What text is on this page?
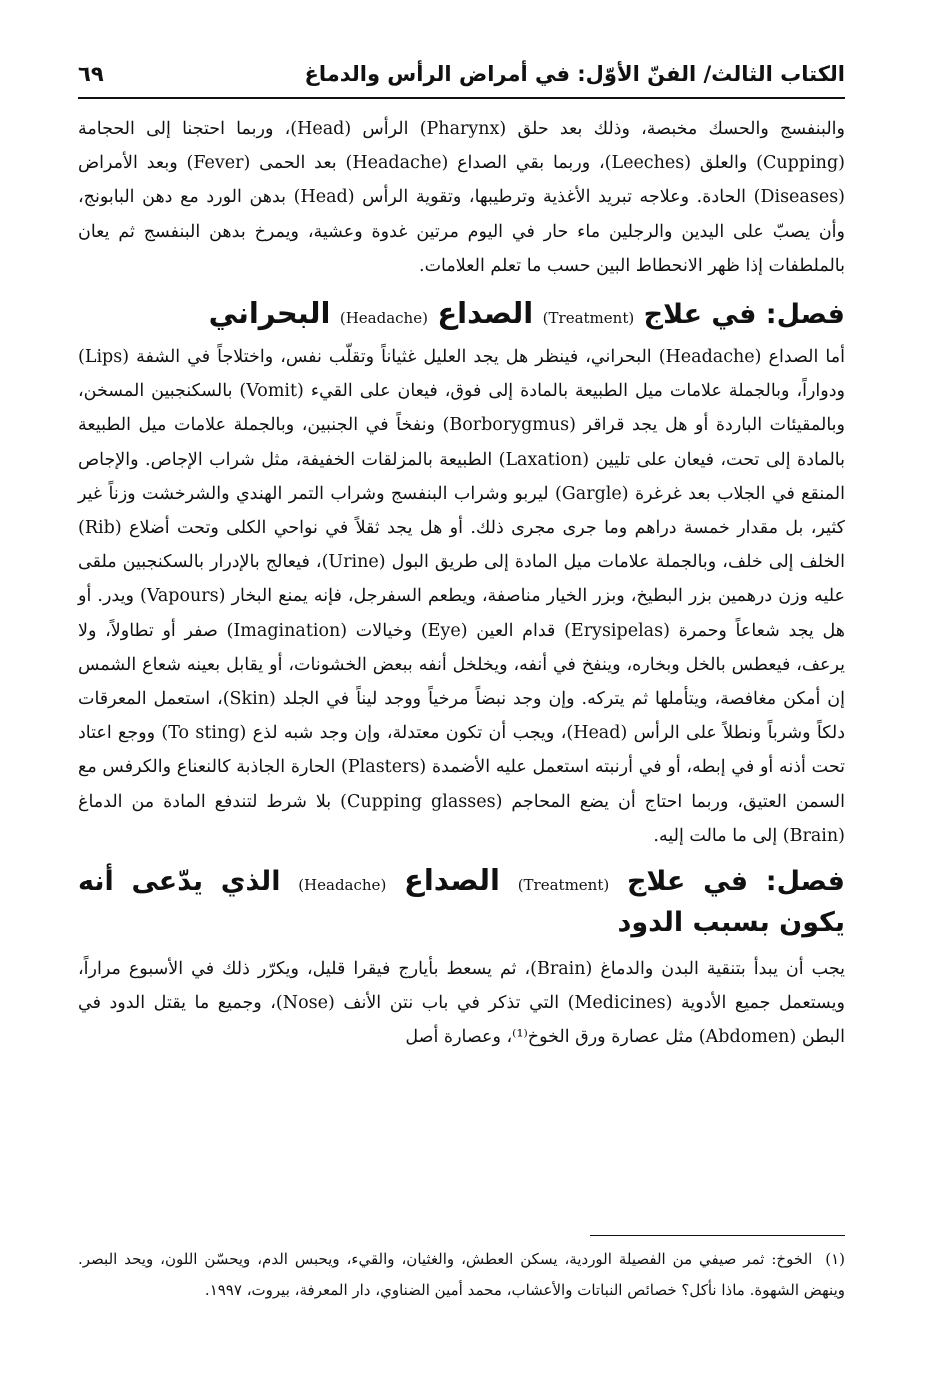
٦٩	الكتاب الثالث/ الفنّ الأوّل: في أمراض الرأس والدماغ

والبنفسج والحسك مخبصة، وذلك بعد حلق (Pharynx) الرأس (Head)، وربما احتجنا إلى الحجامة (Cupping) والعلق (Leeches)، وربما بقي الصداع (Headache) بعد الحمى (Fever) وبعد الأمراض (Diseases) الحادة. وعلاجه تبريد الأغذية وترطيبها، وتقوية الرأس (Head) بدهن الورد مع دهن البابونج، وأن يصبّ على اليدين والرجلين ماء حار في اليوم مرتين غدوة وعشية، ويمرخ بدهن البنفسج ثم يعان بالملطفات إذا ظهر الانحطاط البين حسب ما تعلم العلامات.

فصل: في علاج (Treatment) الصداع (Headache) البحراني

أما الصداع (Headache) البحراني، فينظر هل يجد العليل غثياناً وتقلّب نفس، واختلاجاً في الشفة (Lips) ودواراً، وبالجملة علامات ميل الطبيعة بالمادة إلى فوق، فيعان على القيء (Vomit) بالسكنجبين المسخن، وبالمقيئات الباردة أو هل يجد قراقر (Borborygmus) ونفخاً في الجنبين، وبالجملة علامات ميل الطبيعة بالمادة إلى تحت، فيعان على تليين (Laxation) الطبيعة بالمزلقات الخفيفة، مثل شراب الإجاص. والإجاص المنقع في الجلاب بعد غرغرة (Gargle) ليربو وشراب البنفسج وشراب التمر الهندي والشرخشت وزناً غير كثير، بل مقدار خمسة دراهم وما جرى مجرى ذلك. أو هل يجد ثقلاً في نواحي الكلى وتحت أضلاع (Rib) الخلف إلى خلف، وبالجملة علامات ميل المادة إلى طريق البول (Urine)، فيعالج بالإدرار بالسكنجبين ملقى عليه وزن درهمين بزر البطيخ، وبزر الخيار مناصفة، ويطعم السفرجل، فإنه يمنع البخار (Vapours) ويدر. أو هل يجد شعاعاً وحمرة (Erysipelas) قدام العين (Eye) وخيالات (Imagination) صفر أو تطاولاً، ولا يرعف، فيعطس بالخل وبخاره، وينفخ في أنفه، ويخلخل أنفه ببعض الخشونات، أو يقابل بعينه شعاع الشمس إن أمكن مغافصة، ويتأملها ثم يتركه. وإن وجد نبضاً مرخياً ووجد ليناً في الجلد (Skin)، استعمل المعرقات دلكاً وشرباً ونطلاً على الرأس (Head)، ويجب أن تكون معتدلة، وإن وجد شبه لذع (To sting) ووجع اعتاد تحت أذنه أو في إبطه، أو في أرنبته استعمل عليه الأضمدة (Plasters) الحارة الجاذبة كالنعناع والكرفس مع السمن العتيق، وربما احتاج أن يضع المحاجم (Cupping glasses) بلا شرط لتندفع المادة من الدماغ (Brain) إلى ما مالت إليه.

فصل: في علاج (Treatment) الصداع (Headache) الذي يدّعى أنه يكون بسبب الدود

يجب أن يبدأ بتنقية البدن والدماغ (Brain)، ثم يسعط بأيارج فيقرا قليل، ويكرّر ذلك في الأسبوع مراراً، ويستعمل جميع الأدوية (Medicines) التي تذكر في باب نتن الأنف (Nose)، وجميع ما يقتل الدود في البطن (Abdomen) مثل عصارة ورق الخوخ⁽¹⁾، وعصارة أصل

(١) الخوخ: ثمر صيفي من الفصيلة الوردية، يسكن العطش، والغثيان، والقيء، ويحبس الدم، ويحسّن اللون، ويحد البصر. وينهض الشهوة. ماذا نأكل؟ خصائص النباتات والأعشاب، محمد أمين الضناوي، دار المعرفة، بيروت، ١٩٩٧.
